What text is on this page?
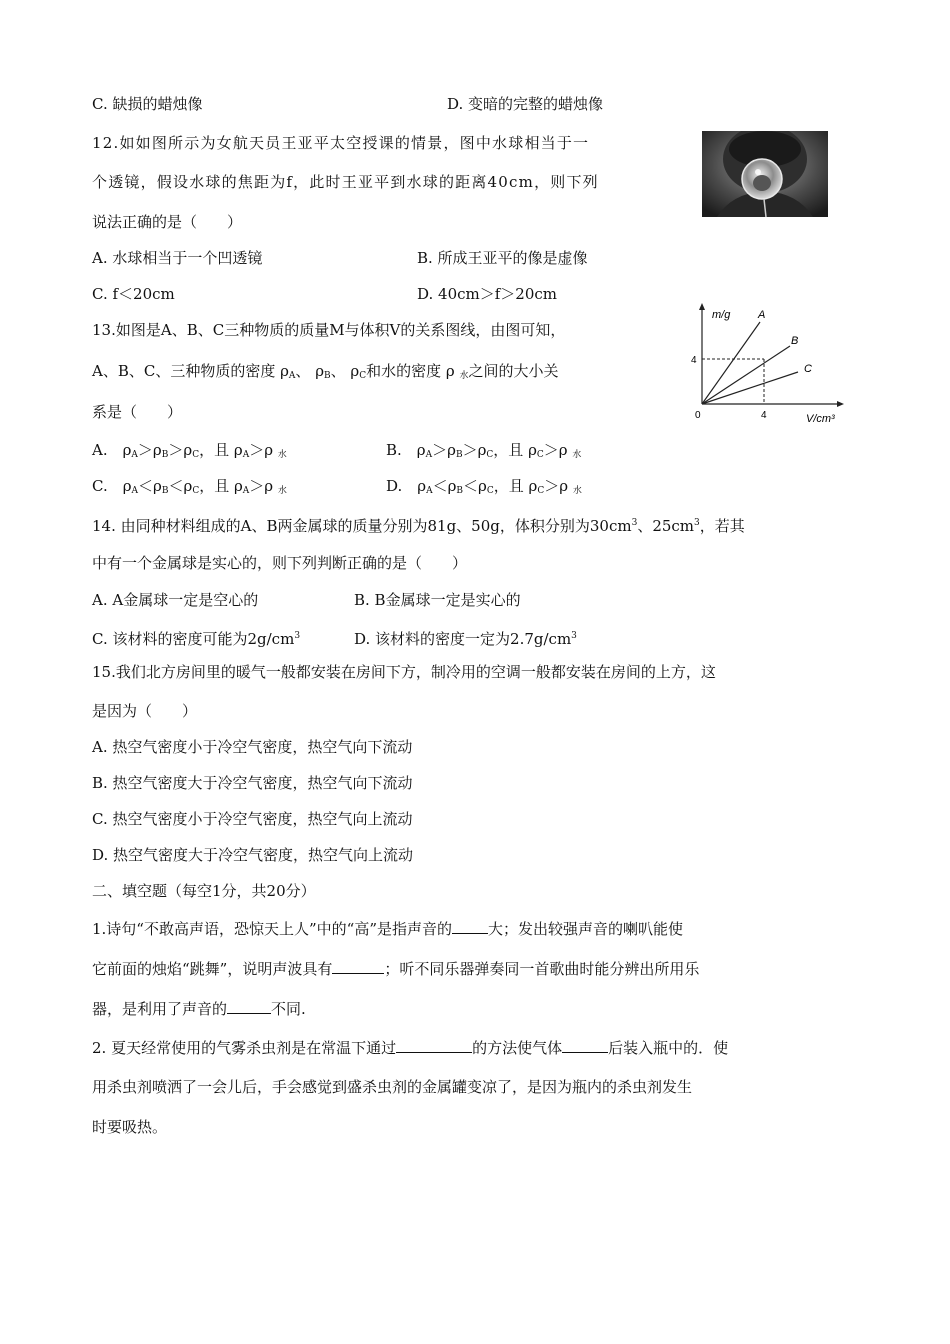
C. 缺损的蜡烛像	D. 变暗的完整的蜡烛像
12.如如图所示为女航天员王亚平太空授课的情景，图中水球相当于一
个透镜，假设水球的焦距为f，此时王亚平到水球的距离40cm，则下列
说法正确的是（　　）
A. 水球相当于一个凹透镜	B. 所成王亚平的像是虚像
C. f＜20cm	D. 40cm＞f＞20cm
13.如图是A、B、C三种物质的质量M与体积V的关系图线，由图可知，
A、B、C、三种物质的密度 $\rho_A$、 $\rho_B$、 $\rho_C$和水的密度 ρ $_水$之间的大小关
系是（　　）
m/g
V/cm³
0
4
4
A
B
C
A.　$\rho_A>\rho_B>\rho_C$，且 $\rho_A>\rho$ $_水$	B.　$\rho_A>\rho_B>\rho_C$，且 $\rho_C>\rho$ $_水$
C.　$\rho_A<\rho_B<\rho_C$，且 $\rho_A>\rho$ $_水$	D.　$\rho_A<\rho_B<\rho_C$，且 $\rho_C>\rho$ $_水$
14. 由同种材料组成的A、B两金属球的质量分别为81g、50g，体积分别为$30cm^3$、$25cm^3$，若其
中有一个金属球是实心的，则下列判断正确的是（　　）
A. A金属球一定是空心的	B. B金属球一定是实心的
C. 该材料的密度可能为$2g/cm^3$	D. 该材料的密度一定为$2.7g/cm^3$
15.我们北方房间里的暖气一般都安装在房间下方，制冷用的空调一般都安装在房间的上方，这
是因为（　　）
A. 热空气密度小于冷空气密度，热空气向下流动
B. 热空气密度大于冷空气密度，热空气向下流动
C. 热空气密度小于冷空气密度，热空气向上流动
D. 热空气密度大于冷空气密度，热空气向上流动
二、填空题（每空1分，共20分）
1.诗句“不敢高声语，恐惊天上人”中的“高”是指声音的 大；发出较强声音的喇叭能使
它前面的烛焰“跳舞”，说明声波具有	；听不同乐器弹奏同一首歌曲时能分辨出所用乐
器，是利用了声音的	不同.
2. 夏天经常使用的气雾杀虫剂是在常温下通过	的方法使气体	后装入瓶中的．使
用杀虫剂喷洒了一会儿后，手会感觉到盛杀虫剂的金属罐变凉了，是因为瓶内的杀虫剂发生
时要吸热。
